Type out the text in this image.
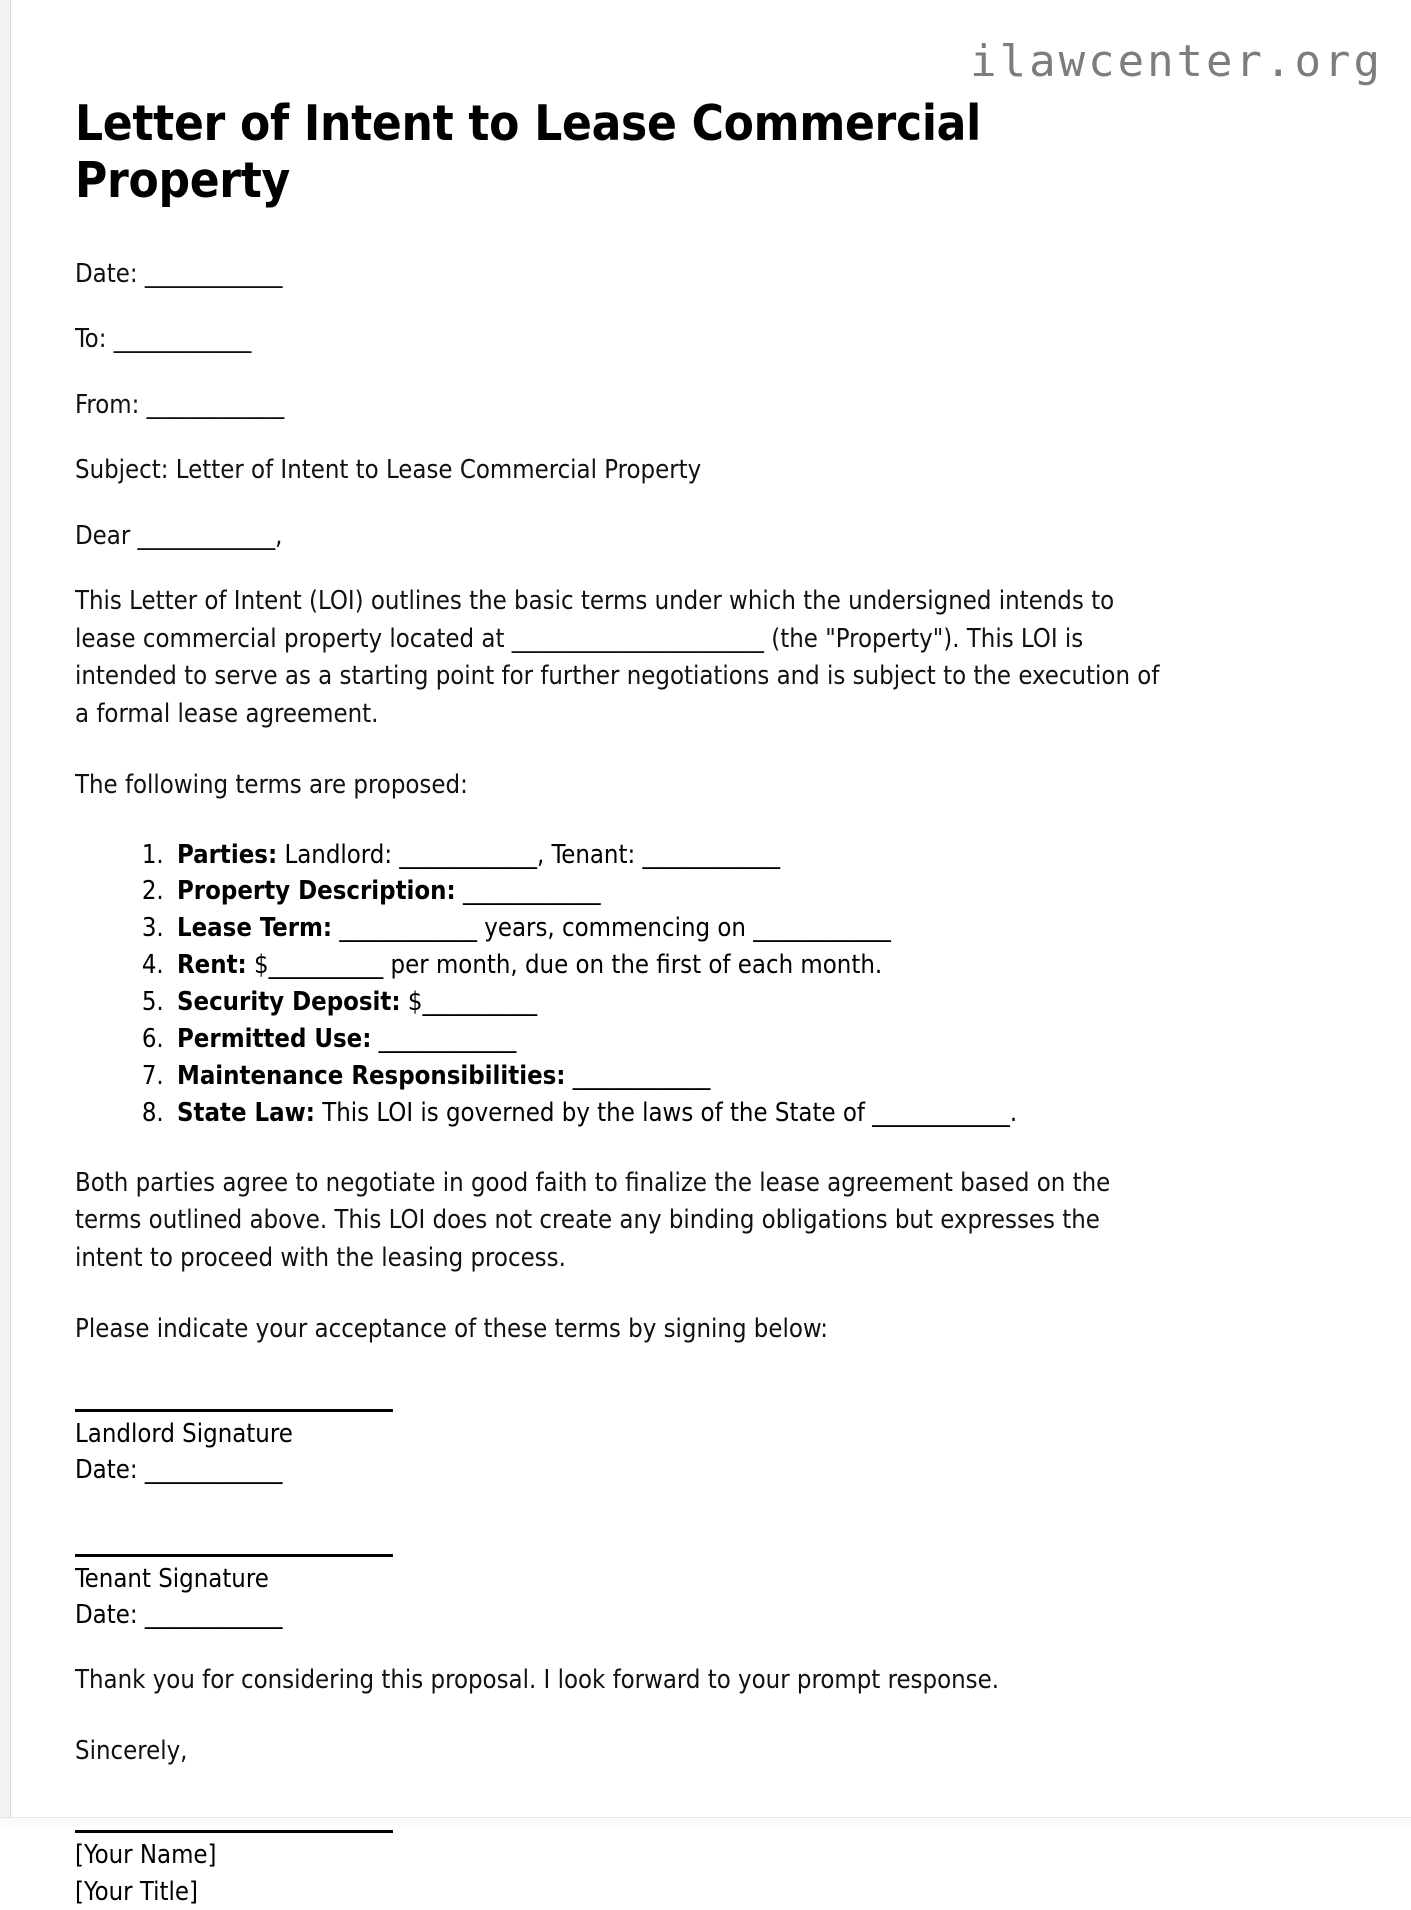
ilawcenter.org
Letter of Intent to Lease Commercial Property

Date: ____________

To: ____________

From: ____________

Subject: Letter of Intent to Lease Commercial Property

Dear ____________,

This Letter of Intent (LOI) outlines the basic terms under which the undersigned intends to lease commercial property located at ______________________ (the "Property"). This LOI is intended to serve as a starting point for further negotiations and is subject to the execution of a formal lease agreement.

The following terms are proposed:

1. Parties: Landlord: ____________, Tenant: ____________
2. Property Description: ____________
3. Lease Term: ____________ years, commencing on ____________
4. Rent: $__________ per month, due on the first of each month.
5. Security Deposit: $__________
6. Permitted Use: ____________
7. Maintenance Responsibilities: ____________
8. State Law: This LOI is governed by the laws of the State of ____________.

Both parties agree to negotiate in good faith to finalize the lease agreement based on the terms outlined above. This LOI does not create any binding obligations but expresses the intent to proceed with the leasing process.

Please indicate your acceptance of these terms by signing below:

Landlord Signature
Date: ____________
Tenant Signature
Date: ____________

Thank you for considering this proposal. I look forward to your prompt response.

Sincerely,

[Your Name]
[Your Title]
